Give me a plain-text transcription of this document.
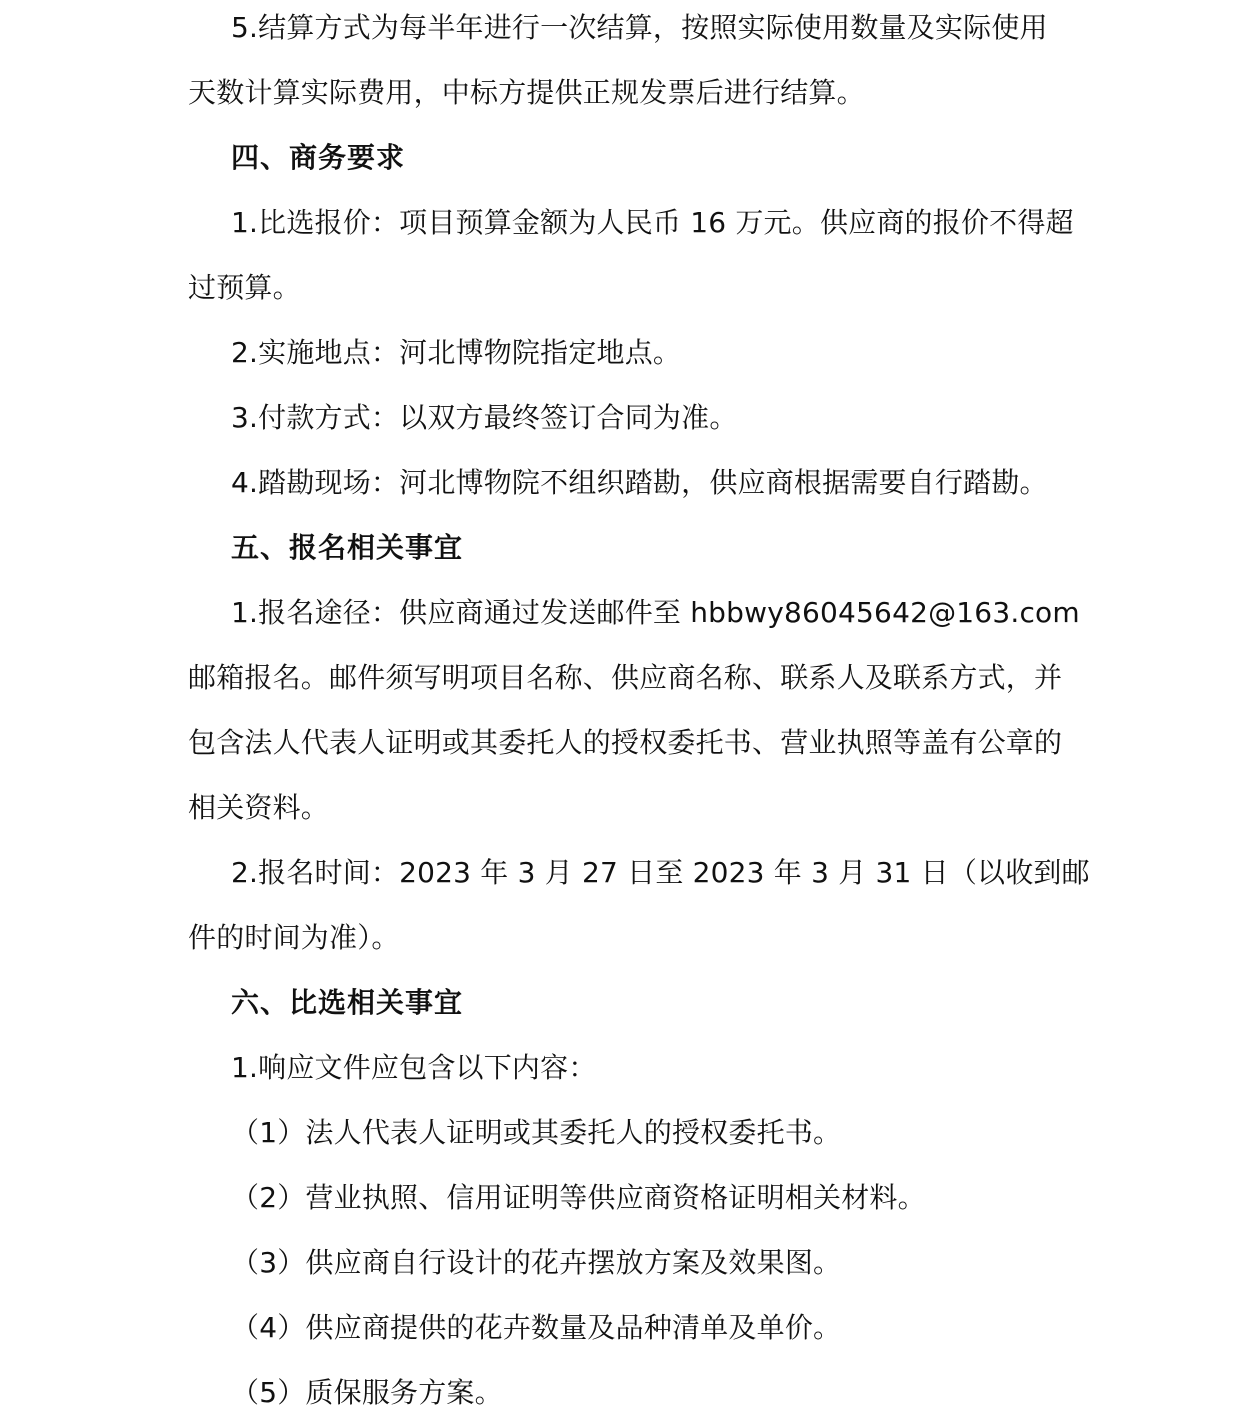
5.结算方式为每半年进行一次结算，按照实际使用数量及实际使用
天数计算实际费用，中标方提供正规发票后进行结算。
四、商务要求
1.比选报价：项目预算金额为人民币 16 万元。供应商的报价不得超
过预算。
2.实施地点：河北博物院指定地点。
3.付款方式：以双方最终签订合同为准。
4.踏勘现场：河北博物院不组织踏勘，供应商根据需要自行踏勘。
五、报名相关事宜
1.报名途径：供应商通过发送邮件至 hbbwy86045642@163.com
邮箱报名。邮件须写明项目名称、供应商名称、联系人及联系方式，并
包含法人代表人证明或其委托人的授权委托书、营业执照等盖有公章的
相关资料。
2.报名时间：2023 年 3 月 27 日至 2023 年 3 月 31 日（以收到邮
件的时间为准）。
六、比选相关事宜
1.响应文件应包含以下内容：
（1）法人代表人证明或其委托人的授权委托书。
（2）营业执照、信用证明等供应商资格证明相关材料。
（3）供应商自行设计的花卉摆放方案及效果图。
（4）供应商提供的花卉数量及品种清单及单价。
（5）质保服务方案。
